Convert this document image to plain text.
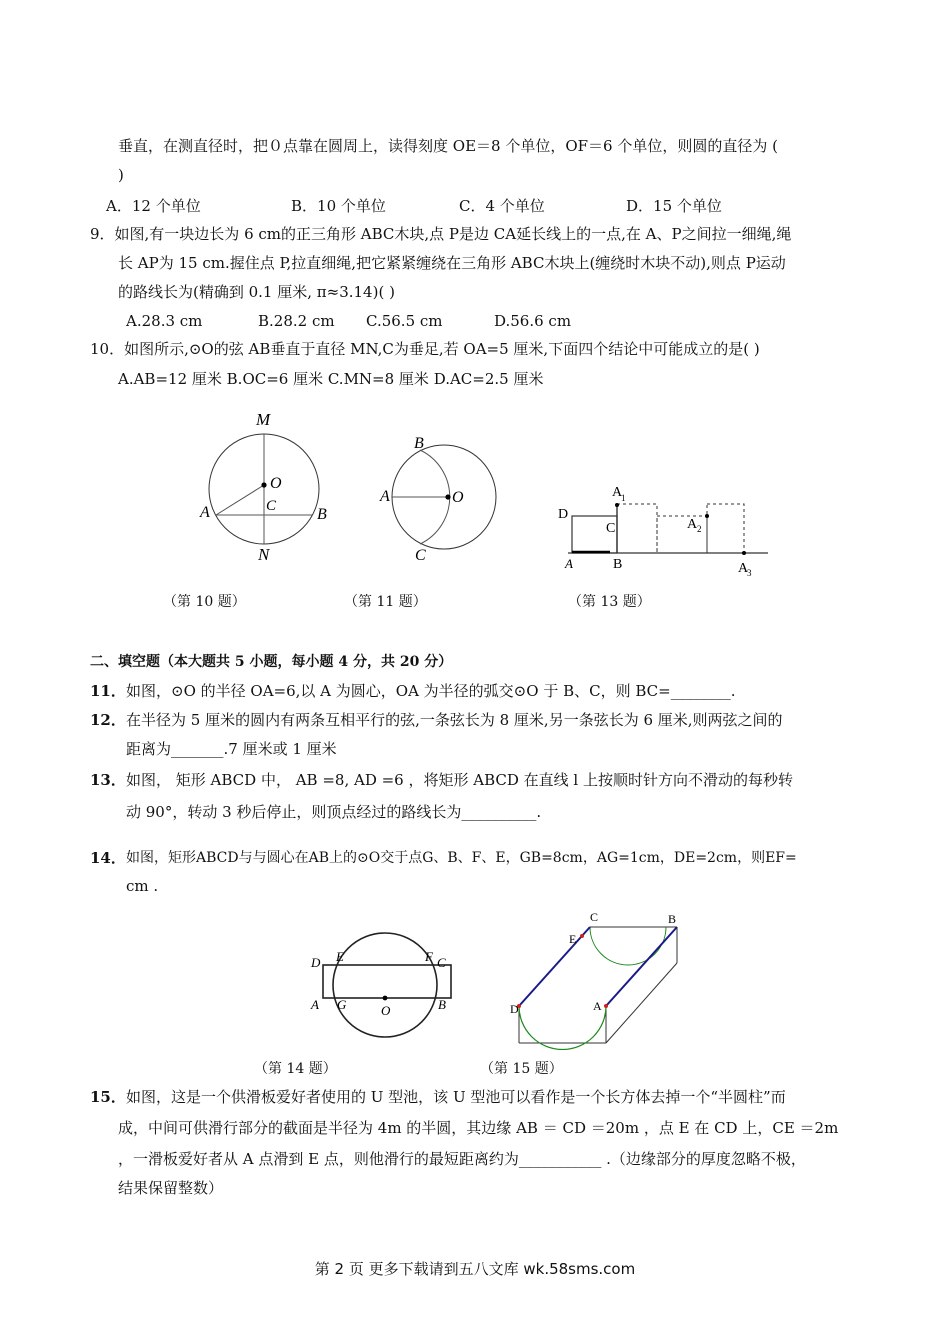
垂直，在测直径时，把０点靠在圆周上，读得刻度 OE＝8 个单位，OF＝6 个单位，则圆的直径为 (
)
A．12 个单位	B．10 个单位	C．4 个单位	D．15 个单位
9．如图,有一块边长为 6 cm的正三角形 ABC木块,点 P是边 CA延长线上的一点,在 A、P之间拉一细绳,绳
长 AP为 15 cm.握住点 P,拉直细绳,把它紧紧缠绕在三角形 ABC木块上(缠绕时木块不动),则点 P运动
的路线长为(精确到 0.1 厘米, π≈3.14)( )
A.28.3 cm	B.28.2 cm C.56.5 cm	D.56.6 cm
10．如图所示,⊙O的弦 AB垂直于直径 MN,C为垂足,若 OA=5 厘米,下面四个结论中可能成立的是( )
A.AB=12 厘米 B.OC=6 厘米 C.MN=8 厘米 D.AC=2.5 厘米
M
O
C
A	B
N
B
A	O
C
D
A
1
C	A 2
A	B	A
3
（第 10 题）	（第 11 题）	（第 13 题）
二、填空题（本大题共 5 小题，每小题 4 分，共 20 分）
11． 如图，⊙O 的半径 OA=6,以 A 为圆心，OA 为半径的弧交⊙O 于 B、C，则 BC=________.
12． 在半径为 5 厘米的圆内有两条互相平行的弦,一条弦长为 8 厘米,另一条弦长为 6 厘米,则两弦之间的
距离为_______.7 厘米或 1 厘米
13． 如图， 矩形 ABCD 中， AB =8, AD =6 ，将矩形 ABCD 在直线 l 上按顺时针方向不滑动的每秒转
动 90°，转动 3 秒后停止，则顶点经过的路线长为__________.
14． 如图，矩形ABCD与与圆心在AB上的⊙O交于点G、B、F、E，GB=8cm，AG=1cm，DE=2cm，则EF=
cm .
D E	F C
A G	O	B
C	B
E
D	A
（第 14 题）	（第 15 题）
15． 如图，这是一个供滑板爱好者使用的 U 型池，该 U 型池可以看作是一个长方体去掉一个“半圆柱”而
成，中间可供滑行部分的截面是半径为 4m 的半圆，其边缘 AB ＝ CD ＝20m ，点 E 在 CD 上，CE ＝2m
，一滑板爱好者从 A 点滑到 E 点，则他滑行的最短距离约为___________ .（边缘部分的厚度忽略不极，
结果保留整数）
第 2 页 更多下载请到五八文库 wk.58sms.com
